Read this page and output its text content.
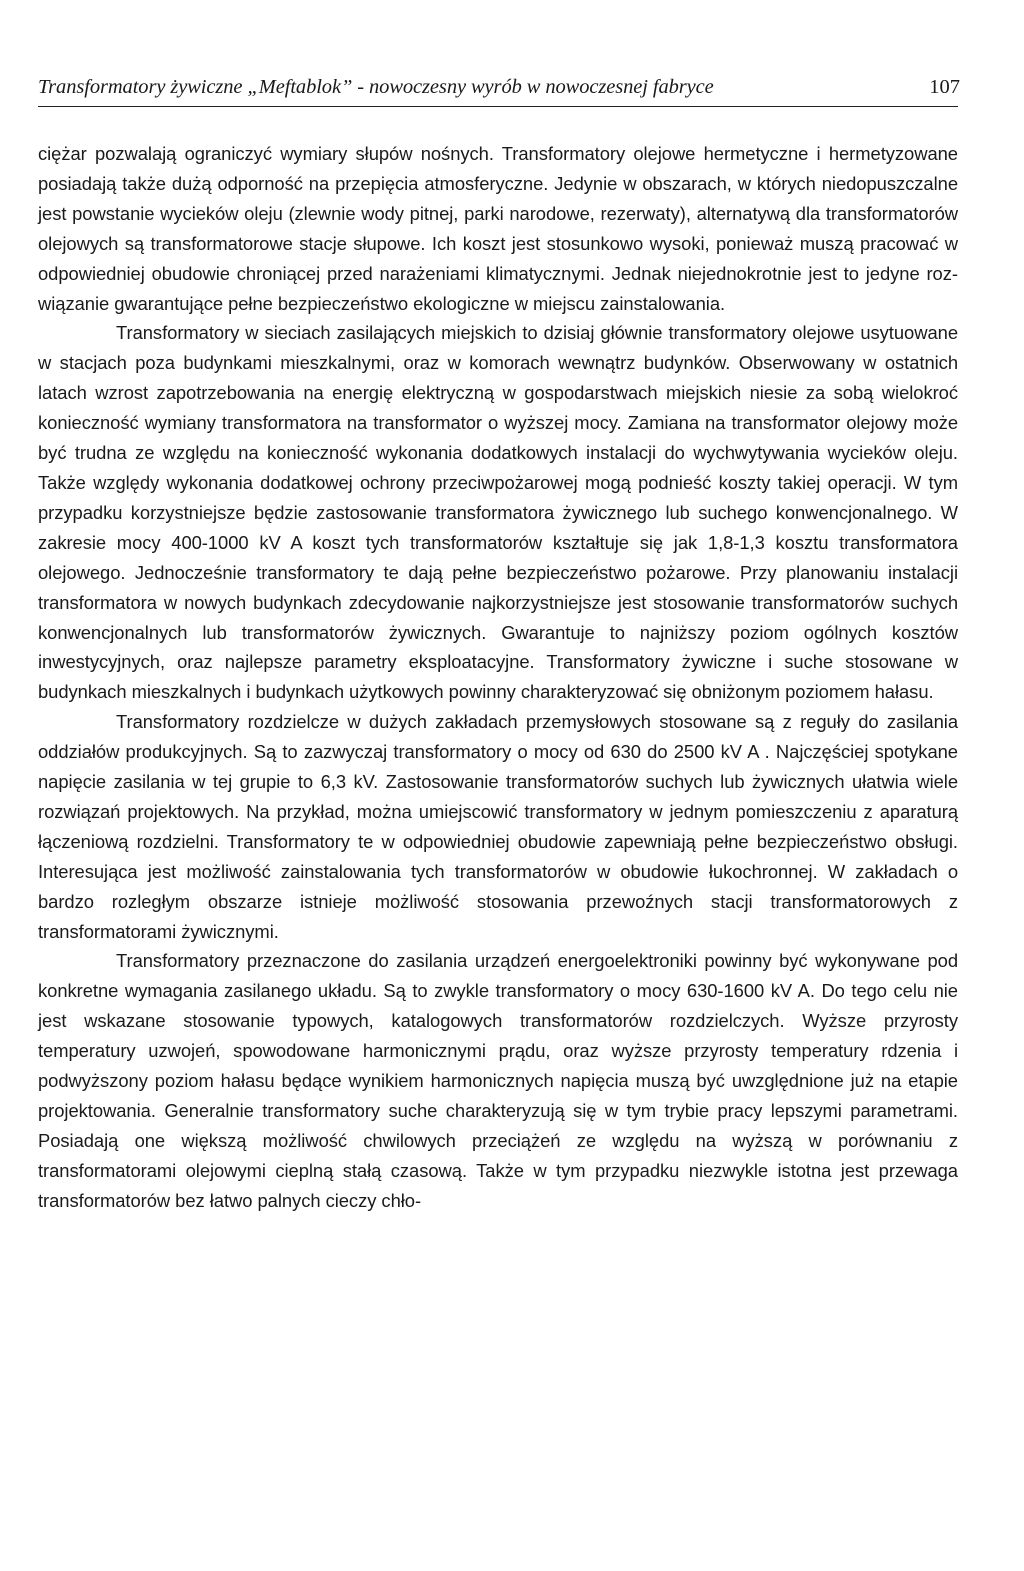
Transformatory żywiczne „Meftablok” - nowoczesny wyrób w nowoczesnej fabryce	107

ciężar pozwalają ograniczyć wymiary słupów nośnych. Transformatory olejowe hermetyczne i hermetyzowane posiadają także dużą odporność na przepięcia atmosferyczne. Jedynie w obszarach, w których niedopuszczalne jest powstanie wycieków oleju (zlewnie wody pitnej, parki narodowe, rezerwaty), alternatywą dla transformatorów olejowych są transformatorowe stacje słupowe. Ich koszt jest stosunkowo wysoki, ponieważ muszą pracować w odpowiedniej obudowie chroniącej przed narażeniami klimatycznymi. Jednak niejednokrotnie jest to jedyne rozwiązanie gwarantujące pełne bezpieczeństwo ekologiczne w miejscu zainstalowania.

Transformatory w sieciach zasilających miejskich to dzisiaj głównie transformatory olejowe usytuowane w stacjach poza budynkami mieszkalnymi, oraz w komorach wewnątrz budynków. Obserwowany w ostatnich latach wzrost zapotrzebowania na energię elektryczną w gospodarstwach miejskich niesie za sobą wielokroć konieczność wymiany transformatora na transformator o wyższej mocy. Zamiana na transformator olejowy może być trudna ze względu na konieczność wykonania dodatkowych instalacji do wychwytywania wycieków oleju. Także względy wykonania dodatkowej ochrony przeciwpożarowej mogą podnieść koszty takiej operacji. W tym przypadku korzystniejsze będzie zastosowanie transformatora żywicznego lub suchego konwencjonalnego. W zakresie mocy 400-1000 kV A koszt tych transformatorów kształtuje się jak 1,8-1,3 kosztu transformatora olejowego. Jednocześnie transformatory te dają pełne bezpieczeństwo pożarowe. Przy planowaniu instalacji transformatora w nowych budynkach zdecydowanie najkorzystniejsze jest stosowanie transformatorów suchych konwencjonalnych lub transformatorów żywicznych. Gwarantuje to najniższy poziom ogólnych kosztów inwestycyjnych, oraz najlepsze parametry eksploatacyjne. Transformatory żywiczne i suche stosowane w budynkach mieszkalnych i budynkach użytkowych powinny charakteryzować się obniżonym poziomem hałasu.

Transformatory rozdzielcze w dużych zakładach przemysłowych stosowane są z reguły do zasilania oddziałów produkcyjnych. Są to zazwyczaj transformatory o mocy od 630 do 2500 kV A . Najczęściej spotykane napięcie zasilania w tej grupie to 6,3 kV. Zastosowanie transformatorów suchych lub żywicznych ułatwia wiele rozwiązań projektowych. Na przykład, można umiejscowić transformatory w jednym pomieszczeniu z aparaturą łączeniową rozdzielni. Transformatory te w odpowiedniej obudowie zapewniają pełne bezpieczeństwo obsługi. Interesująca jest możliwość zainstalowania tych transformatorów w obudowie łukochronnej. W zakładach o bardzo rozległym obszarze istnieje możliwość stosowania przewoźnych stacji transformatorowych z transformatorami żywicznymi.

Transformatory przeznaczone do zasilania urządzeń energoelektroniki powinny być wykonywane pod konkretne wymagania zasilanego układu. Są to zwykle transformatory o mocy 630-1600 kV A. Do tego celu nie jest wskazane stosowanie typowych, katalogowych transformatorów rozdzielczych. Wyższe przyrosty temperatury uzwojeń, spowodowane harmonicznymi prądu, oraz wyższe przyrosty temperatury rdzenia i podwyższony poziom hałasu będące wynikiem harmonicznych napięcia muszą być uwzględnione już na etapie projektowania. Generalnie transformatory suche charakteryzują się w tym trybie pracy lepszymi parametrami. Posiadają one większą możliwość chwilowych przeciążeń ze względu na wyższą w porównaniu z transformatorami olejowymi cieplną stałą czasową. Także w tym przypadku niezwykle istotna jest przewaga transformatorów bez łatwo palnych cieczy chło-
